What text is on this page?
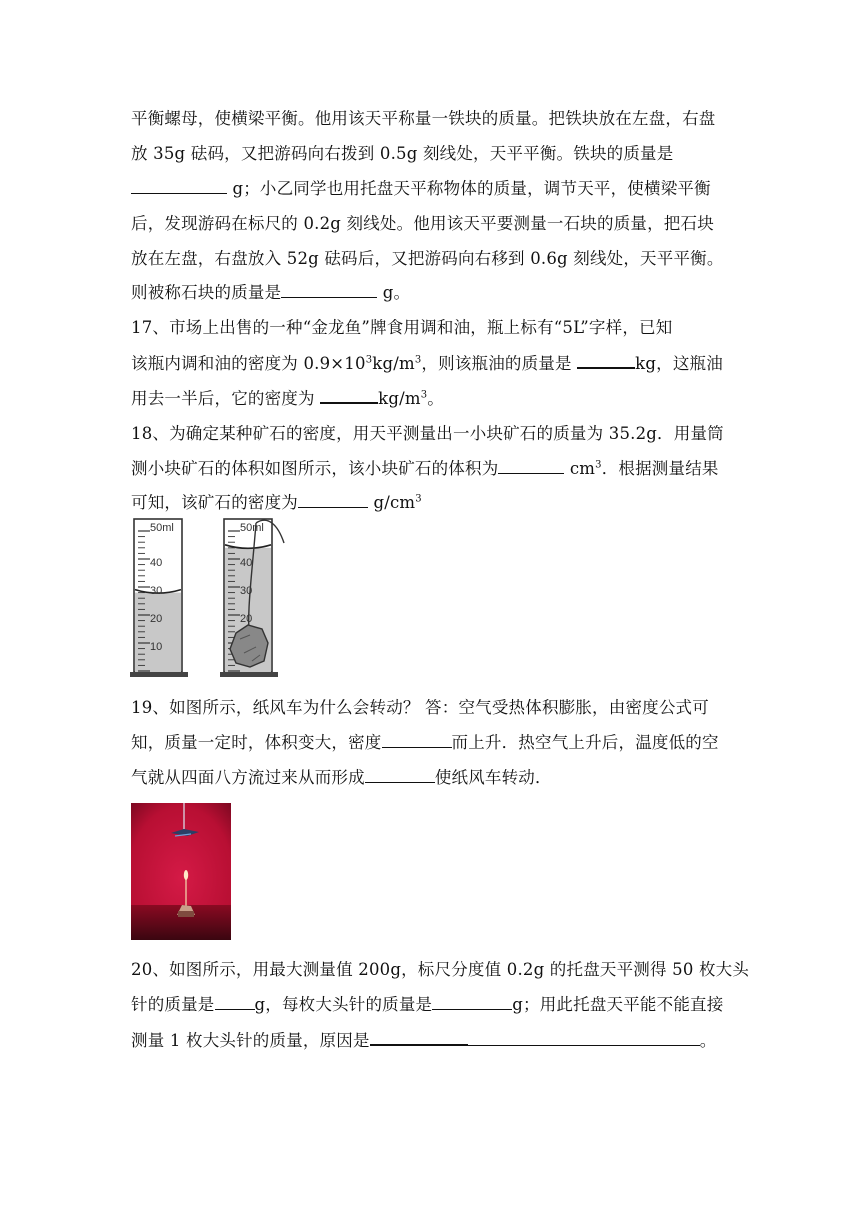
平衡螺母，使横梁平衡。他用该天平称量一铁块的质量。把铁块放在左盘，右盘
放 35g 砝码，又把游码向右拨到 0.5g 刻线处，天平平衡。铁块的质量是
g；小乙同学也用托盘天平称物体的质量，调节天平，使横梁平衡
后，发现游码在标尺的 0.2g 刻线处。他用该天平要测量一石块的质量，把石块
放在左盘，右盘放入 52g 砝码后，又把游码向右移到 0.6g 刻线处，天平平衡。
则被称石块的质量是	g。
17、市场上出售的一种“金龙鱼”牌食用调和油，瓶上标有“5L”字样，已知
该瓶内调和油的密度为 $0.9\times 10^3kg/m^3$，则该瓶油的质量是	kg，这瓶油
用去一半后，它的密度为	$kg/m^3$。
18、为确定某种矿石的密度，用天平测量出一小块矿石的质量为 35.2g．用量筒
测小块矿石的体积如图所示，该小块矿石的体积为	$cm^3$．根据测量结果
可知，该矿石的密度为	$g/cm^3$
50ml
40
30
20
10
50ml
40
30
20
19、如图所示，纸风车为什么会转动？ 答：空气受热体积膨胀，由密度公式可
知，质量一定时，体积变大，密度	而上升．热空气上升后，温度低的空
气就从四面八方流过来从而形成	使纸风车转动．
20、如图所示，用最大测量值 200g，标尺分度值 0.2g 的托盘天平测得 50 枚大头
针的质量是 g，每枚大头针的质量是	g；用此托盘天平能不能直接
测量 1 枚大头针的质量，原因是	。
